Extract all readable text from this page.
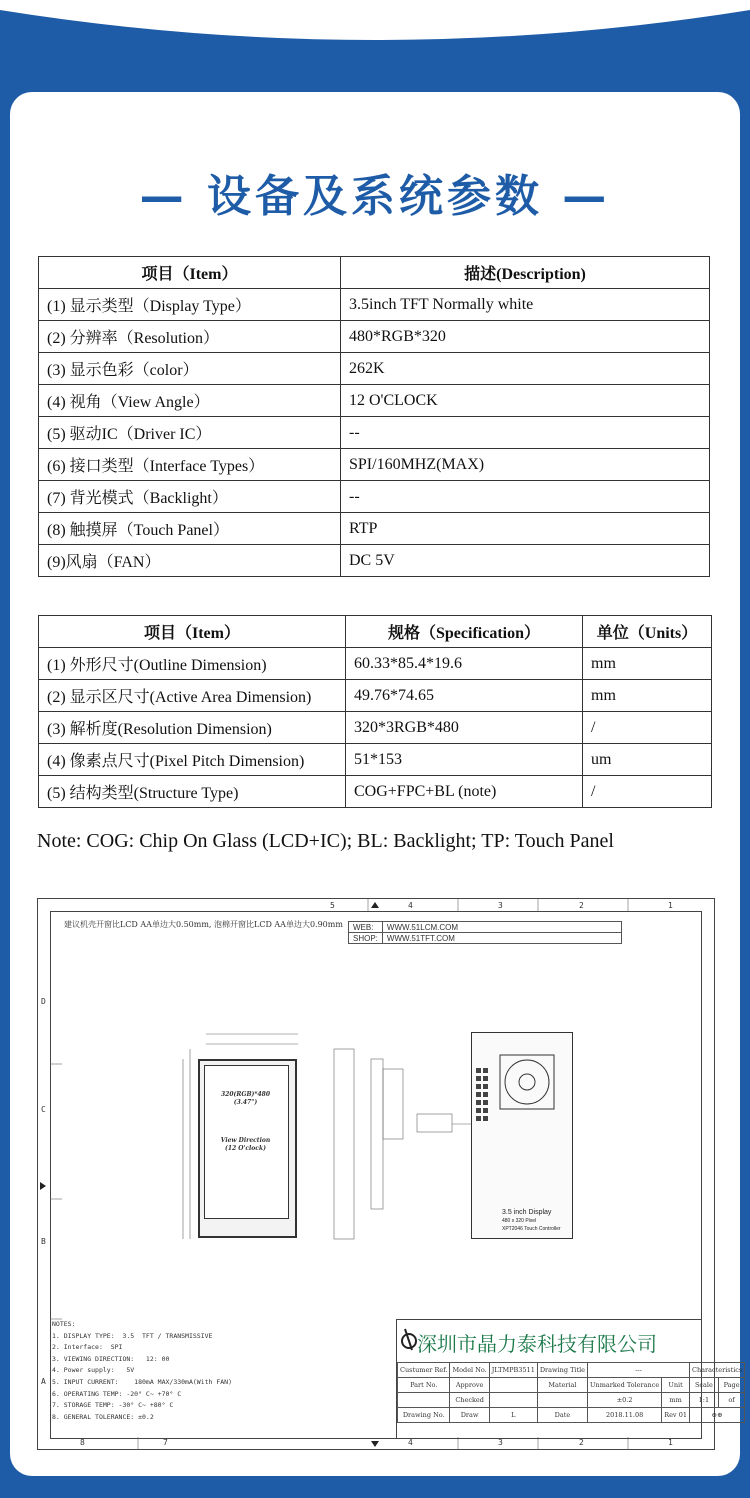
— 设备及系统参数 —
项目（Item）	描述(Description)
(1) 显示类型（Display Type）	3.5inch TFT Normally white
(2) 分辨率（Resolution）	480*RGB*320
(3) 显示色彩（color）	262K
(4) 视角（View Angle）	12 O'CLOCK
(5) 驱动IC（Driver IC）	--
(6) 接口类型（Interface Types）	SPI/160MHZ(MAX)
(7) 背光模式（Backlight）	--
(8) 触摸屏（Touch Panel）	RTP
(9)风扇（FAN）	DC 5V
项目（Item）	规格（Specification）	单位（Units）
(1) 外形尺寸(Outline Dimension)	60.33*85.4*19.6	mm
(2) 显示区尺寸(Active Area Dimension)	49.76*74.65	mm
(3) 解析度(Resolution Dimension)	320*3RGB*480	/
(4) 像素点尺寸(Pixel Pitch Dimension)	51*153	um
(5) 结构类型(Structure Type)	COG+FPC+BL (note)	/
Note: COG: Chip On Glass (LCD+IC); BL: Backlight; TP: Touch Panel
5	4	3	2	1
8	7	4	3	2	1
D
C
B
A
建议机壳开窗比LCD AA单边大0.50mm, 泡棉开窗比LCD AA单边大0.90mm WEB:	WWW.51LCM.COM
SHOP:	WWW.51TFT.COM
320(RGB)*480
(3.47")
View Direction
(12 O'clock)
3.5 inch Display
480 x 320 Pixel
XPT2046 Touch Controller
NOTES:
1. DISPLAY TYPE:  3.5  TFT / TRANSMISSIVE
2. Interface:  SPI
3. VIEWING DIRECTION:   12: 00
4. Power supply:   5V
5. INPUT CURRENT:    180mA MAX/330mA(With FAN)
6. OPERATING TEMP: -20° C~ +70° C
7. STORAGE TEMP: -30° C~ +80° C
8. GENERAL TOLERANCE: ±0.2
深圳市晶力泰科技有限公司
Custumer Ref.	Model No.	JLTMPB3511	Drawing Title	---		Characteristics	
Part No.	Approve		Material	Unmarked Tolerance	Unit	Scale	Page
	Checked			±0.2	mm	1:1	of
Drawing No.	Draw	L	Date	2018.11.08	Rev 01	⊖⊕	
